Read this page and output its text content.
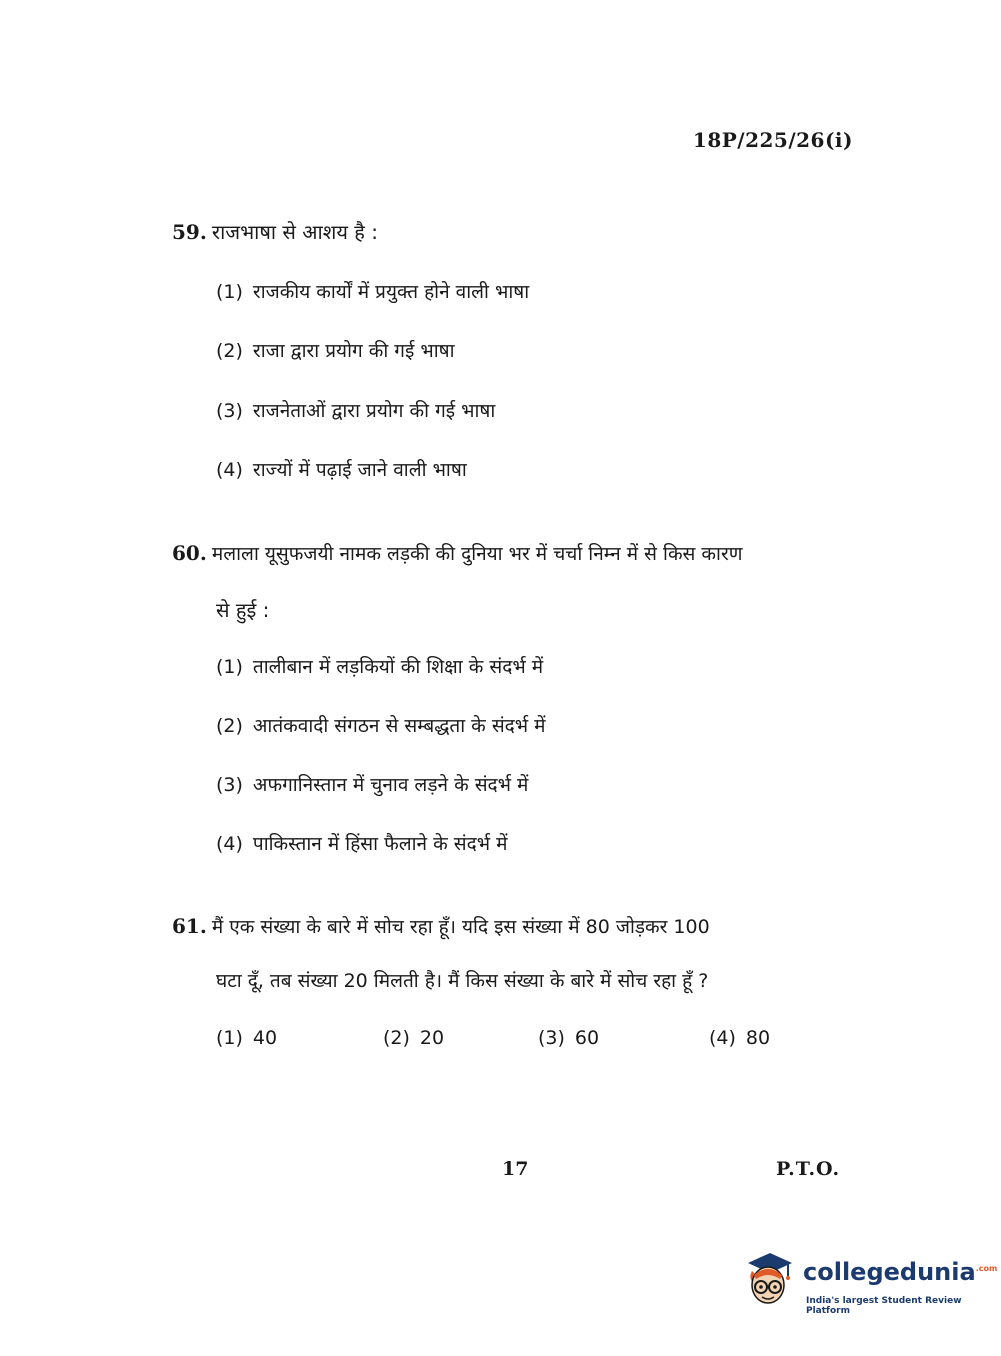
18P/225/26(i)
59. राजभाषा से आशय है :
(1) राजकीय कार्यों में प्रयुक्त होने वाली भाषा
(2) राजा द्वारा प्रयोग की गई भाषा
(3) राजनेताओं द्वारा प्रयोग की गई भाषा
(4) राज्यों में पढ़ाई जाने वाली भाषा
60. मलाला यूसुफजयी नामक लड़की की दुनिया भर में चर्चा निम्न में से किस कारण
से हुई :
(1) तालीबान में लड़कियों की शिक्षा के संदर्भ में
(2) आतंकवादी संगठन से सम्बद्धता के संदर्भ में
(3) अफगानिस्तान में चुनाव लड़ने के संदर्भ में
(4) पाकिस्तान में हिंसा फैलाने के संदर्भ में
61. मैं एक संख्या के बारे में सोच रहा हूँ। यदि इस संख्या में 80 जोड़कर 100
घटा दूँ, तब संख्या 20 मिलती है। मैं किस संख्या के बारे में सोच रहा हूँ ?
(1) 40	(2) 20	(3) 60	(4) 80
17	P.T.O.
collegedunia$^{.com}$
India's largest Student Review Platform
